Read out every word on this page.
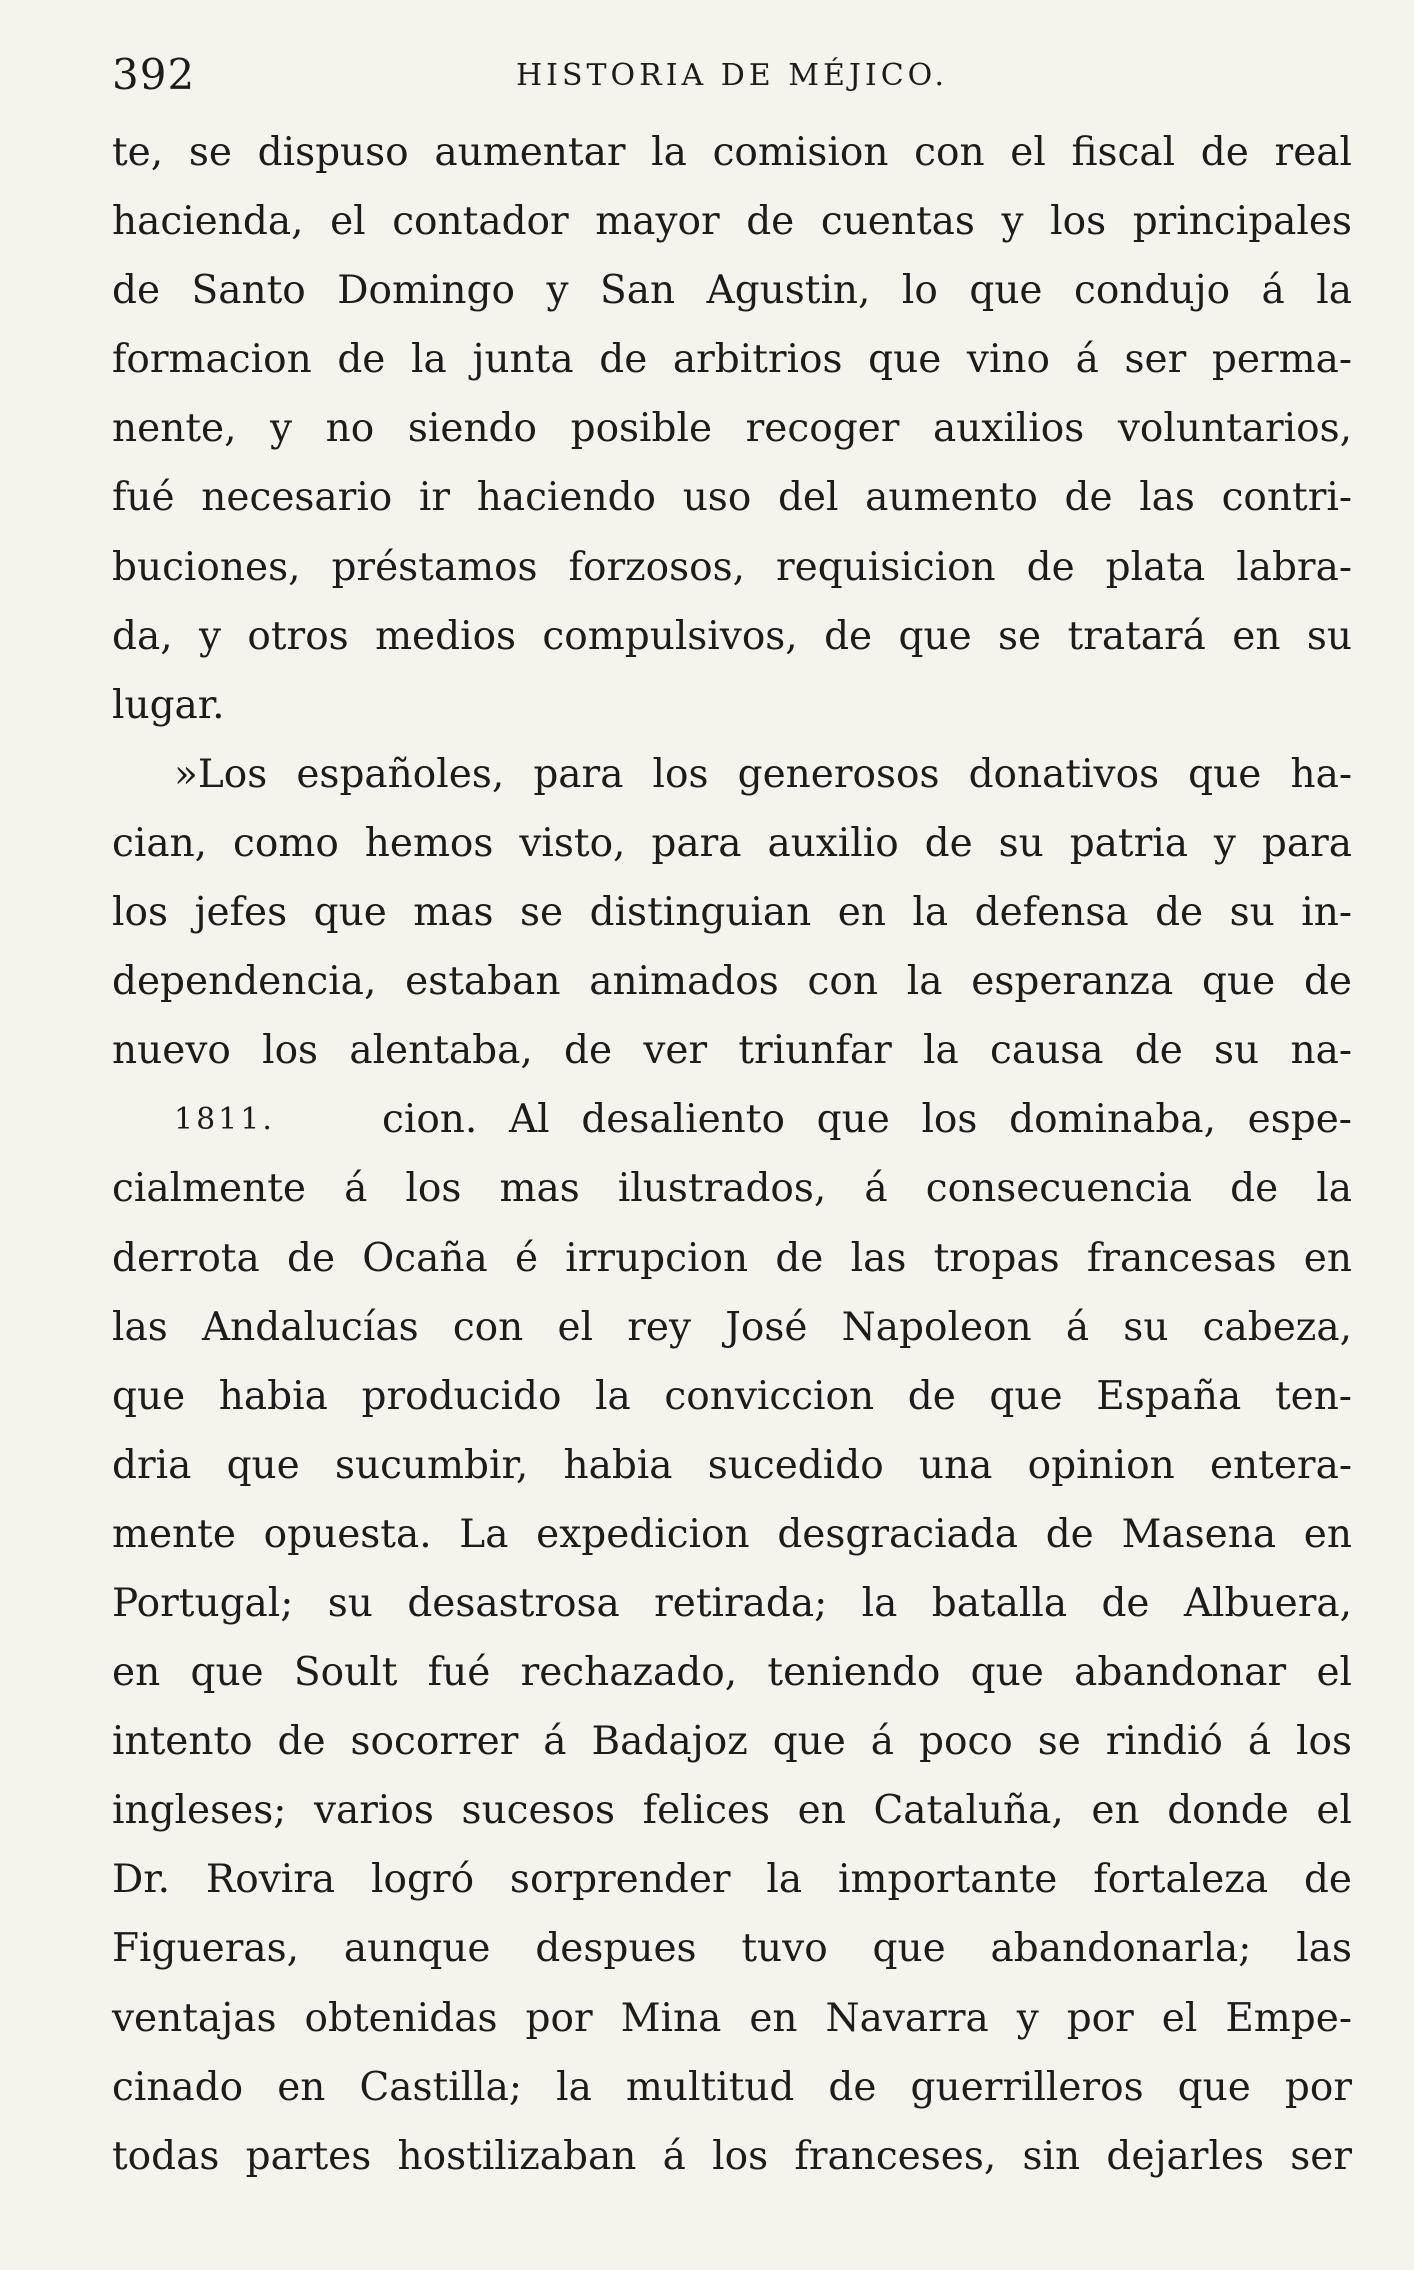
392	HISTORIA DE MÉJICO.
te, se dispuso aumentar la comision con el fiscal de real
hacienda, el contador mayor de cuentas y los principales
de Santo Domingo y San Agustin, lo que condujo á la
formacion de la junta de arbitrios que vino á ser perma-
nente, y no siendo posible recoger auxilios voluntarios,
fué necesario ir haciendo uso del aumento de las contri-
buciones, préstamos forzosos, requisicion de plata labra-
da, y otros medios compulsivos, de que se tratará en su
lugar.
»Los españoles, para los generosos donativos que ha-
cian, como hemos visto, para auxilio de su patria y para
los jefes que mas se distinguian en la defensa de su in-
dependencia, estaban animados con la esperanza que de
nuevo los alentaba, de ver triunfar la causa de su na-
1811.	cion. Al desaliento que los dominaba, espe-
cialmente á los mas ilustrados, á consecuencia de la
derrota de Ocaña é irrupcion de las tropas francesas en
las Andalucías con el rey José Napoleon á su cabeza,
que habia producido la conviccion de que España ten-
dria que sucumbir, habia sucedido una opinion entera-
mente opuesta. La expedicion desgraciada de Masena en
Portugal; su desastrosa retirada; la batalla de Albuera,
en que Soult fué rechazado, teniendo que abandonar el
intento de socorrer á Badajoz que á poco se rindió á los
ingleses; varios sucesos felices en Cataluña, en donde el
Dr. Rovira logró sorprender la importante fortaleza de
Figueras, aunque despues tuvo que abandonarla; las
ventajas obtenidas por Mina en Navarra y por el Empe-
cinado en Castilla; la multitud de guerrilleros que por
todas partes hostilizaban á los franceses, sin dejarles ser
